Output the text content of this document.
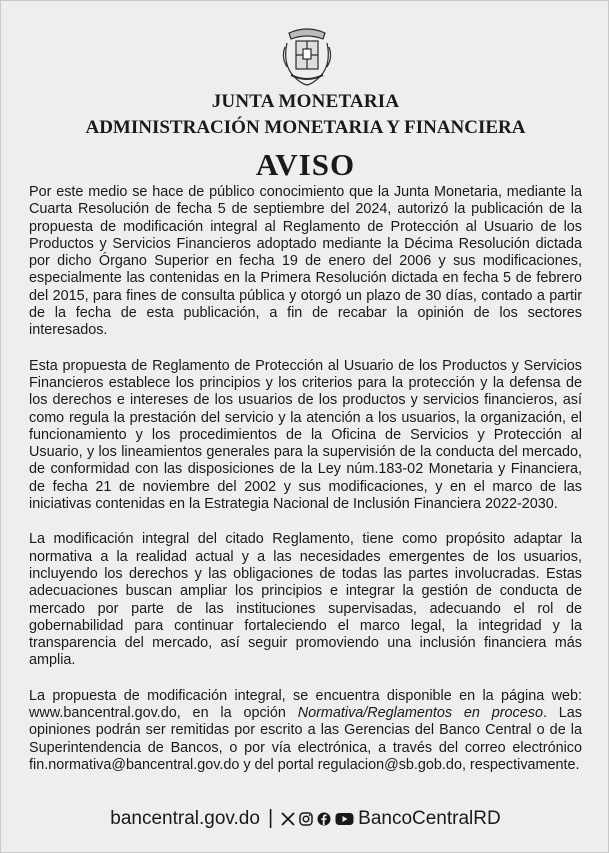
JUNTA MONETARIA
ADMINISTRACIÓN MONETARIA Y FINANCIERA
AVISO

Por este medio se hace de público conocimiento que la Junta Monetaria, mediante la Cuarta Resolución de fecha 5 de septiembre del 2024, autorizó la publicación de la propuesta de modificación integral al Reglamento de Protección al Usuario de los Productos y Servicios Financieros adoptado mediante la Décima Resolución dictada por dicho Órgano Superior en fecha 19 de enero del 2006 y sus modificaciones, especialmente las contenidas en la Primera Resolución dictada en fecha 5 de febrero del 2015, para fines de consulta pública y otorgó un plazo de 30 días, contado a partir de la fecha de esta publicación, a fin de recabar la opinión de los sectores interesados.

Esta propuesta de Reglamento de Protección al Usuario de los Productos y Servicios Financieros establece los principios y los criterios para la protección y la defensa de los derechos e intereses de los usuarios de los productos y servicios financieros, así como regula la prestación del servicio y la atención a los usuarios, la organización, el funcionamiento y los procedimientos de la Oficina de Servicios y Protección al Usuario, y los lineamientos generales para la supervisión de la conducta del mercado, de conformidad con las disposiciones de la Ley núm.183-02 Monetaria y Financiera, de fecha 21 de noviembre del 2002 y sus modificaciones, y en el marco de las iniciativas contenidas en la Estrategia Nacional de Inclusión Financiera 2022-2030.

La modificación integral del citado Reglamento, tiene como propósito adaptar la normativa a la realidad actual y a las necesidades emergentes de los usuarios, incluyendo los derechos y las obligaciones de todas las partes involucradas. Estas adecuaciones buscan ampliar los principios e integrar la gestión de conducta de mercado por parte de las instituciones supervisadas, adecuando el rol de gobernabilidad para continuar fortaleciendo el marco legal, la integridad y la transparencia del mercado, así seguir promoviendo una inclusión financiera más amplia.

La propuesta de modificación integral, se encuentra disponible en la página web: www.bancentral.gov.do, en la opción Normativa/Reglamentos en proceso. Las opiniones podrán ser remitidas por escrito a las Gerencias del Banco Central o de la Superintendencia de Bancos, o por vía electrónica, a través del correo electrónico fin.normativa@bancentral.gov.do y del portal regulacion@sb.gob.do, respectivamente.

bancentral.gov.do |	BancoCentralRD
